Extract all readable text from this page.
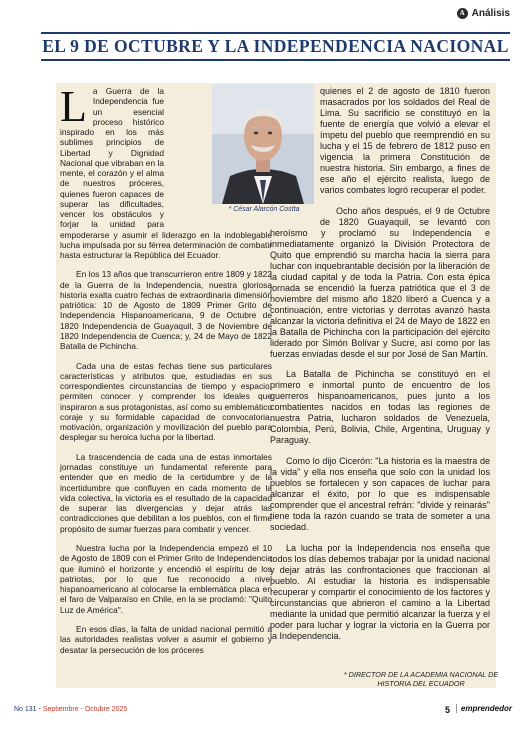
A Análisis
EL 9 DE OCTUBRE Y LA INDEPENDENCIA NACIONAL
* César Alarcón Costta

La Guerra de la Independencia fue un esencial proceso histórico inspirado en los más sublimes principios de Libertad y Dignidad Nacional que vibraban en la mente, el corazón y el alma de nuestros próceres, quienes fueron capaces de superar las dificultades, vencer los obstáculos y forjar la unidad para empoderarse y asumir el liderazgo en la indoblegable lucha impulsada por su férrea determinación de combatir hasta estructurar la República del Ecuador.

En los 13 años que transcurrieron entre 1809 y 1822 de la Guerra de la Independencia, nuestra gloriosa historia exalta cuatro fechas de extraordinaria dimensión patriótica: 10 de Agosto de 1809 Primer Grito de Independencia Hispanoamericana, 9 de Octubre de 1820 Independencia de Guayaquil, 3 de Noviembre de 1820 Independencia de Cuenca; y, 24 de Mayo de 1822 Batalla de Pichincha.

Cada una de estas fechas tiene sus particulares características y atributos que, estudiadas en sus correspondientes circunstancias de tiempo y espacio, permiten conocer y comprender los ideales que inspiraron a sus protagonistas, así como su emblemático coraje y su formidable capacidad de convocatoria, motivación, organización y movilización del pueblo para desplegar su heroica lucha por la libertad.

La trascendencia de cada una de estas inmortales jornadas constituye un fundamental referente para entender que en medio de la certidumbre y de la incertidumbre que confluyen en cada momento de la vida colectiva, la victoria es el resultado de la capacidad de superar las divergencias y dejar atrás las contradicciones que debilitan a los pueblos, con el firme propósito de sumar fuerzas para combatir y vencer.

Nuestra lucha por la Independencia empezó el 10 de Agosto de 1809 con el Primer Grito de Independencia que iluminó el horizonte y encendió el espíritu de los patriotas, por lo que fue reconocido a nivel hispanoamericano al colocarse la emblemática placa en el faro de Valparaíso en Chile, en la se proclamó: "Quito Luz de América".

En esos días, la falta de unidad nacional permitió a las autoridades realistas volver a asumir el gobierno y desatar la persecución de los próceres

quienes el 2 de agosto de 1810 fueron masacrados por los soldados del Real de Lima. Su sacrificio se constituyó en la fuente de energía que volvió a elevar el ímpetu del pueblo que reemprendió en su lucha y el 15 de febrero de 1812 puso en vigencia la primera Constitución de nuestra historia. Sin embargo, a fines de ese año el ejército realista, luego de varios combates logró recuperar el poder.

Ocho años después, el 9 de Octubre de 1820 Guayaquil, se levantó con heroísmo y proclamó su Independencia e inmediatamente organizó la División Protectora de Quito que emprendió su marcha hacia la sierra para luchar con inquebrantable decisión por la liberación de la ciudad capital y de toda la Patria. Con esta épica jornada se encendió la fuerza patriótica que el 3 de noviembre del mismo año 1820 liberó a Cuenca y a continuación, entre victorias y derrotas avanzó hasta alcanzar la victoria definitiva el 24 de Mayo de 1822 en la Batalla de Pichincha con la participación del ejército liderado por Simón Bolívar y Sucre, así como por las fuerzas enviadas desde el sur por José de San Martín.

La Batalla de Pichincha se constituyó en el primero e inmortal punto de encuentro de los guerreros hispanoamericanos, pues junto a los combatientes nacidos en todas las regiones de nuestra Patria, lucharon soldados de Venezuela, Colombia, Perú, Bolivia, Chile, Argentina, Uruguay y Paraguay.

Como lo dijo Cicerón: "La historia es la maestra de la vida" y ella nos enseña que solo con la unidad los pueblos se fortalecen y son capaces de luchar para alcanzar el éxito, por lo que es indispensable comprender que el ancestral refrán: "divide y reinarás" tiene toda la razón cuando se trata de someter a una sociedad.

La lucha por la Independencia nos enseña que todos los días debemos trabajar por la unidad nacional y dejar atrás las confrontaciones que fraccionan al pueblo. Al estudiar la historia es indispensable recuperar y compartir el conocimiento de los factores y circunstancias que abrieron el camino a la Libertad mediante la unidad que permitió alcanzar la fuerza y el poder para luchar y lograr la victoria en la Guerra por la Independencia.

* DIRECTOR DE LA ACADEMIA NACIONAL DE HISTORIA DEL ECUADOR
No 131 - Septiembre - Octubre 2025	5	emprendedor
